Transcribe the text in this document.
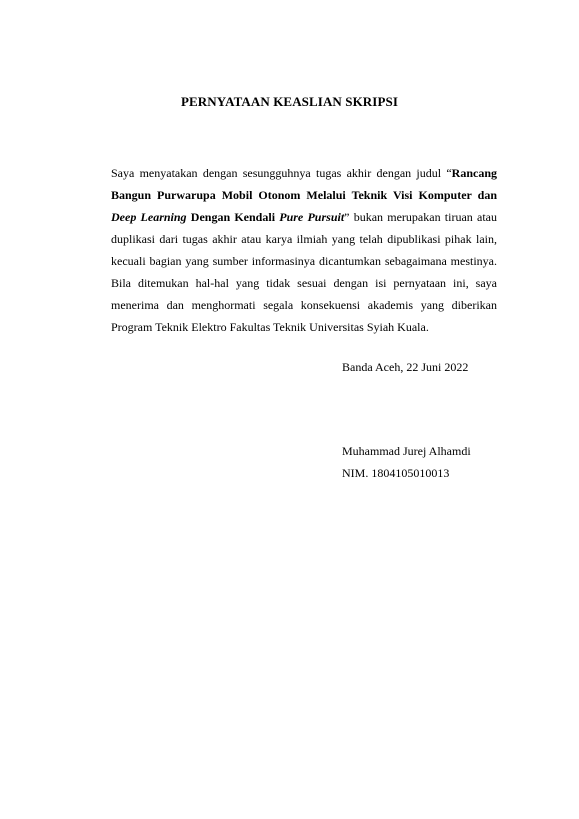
PERNYATAAN KEASLIAN SKRIPSI

Saya menyatakan dengan sesungguhnya tugas akhir dengan judul “Rancang Bangun Purwarupa Mobil Otonom Melalui Teknik Visi Komputer dan Deep Learning Dengan Kendali Pure Pursuit” bukan merupakan tiruan atau duplikasi dari tugas akhir atau karya ilmiah yang telah dipublikasi pihak lain, kecuali bagian yang sumber informasinya dicantumkan sebagaimana mestinya. Bila ditemukan hal-hal yang tidak sesuai dengan isi pernyataan ini, saya menerima dan menghormati segala konsekuensi akademis yang diberikan Program Teknik Elektro Fakultas Teknik Universitas Syiah Kuala.

Banda Aceh, 22 Juni 2022
Muhammad Jurej Alhamdi
NIM. 1804105010013
